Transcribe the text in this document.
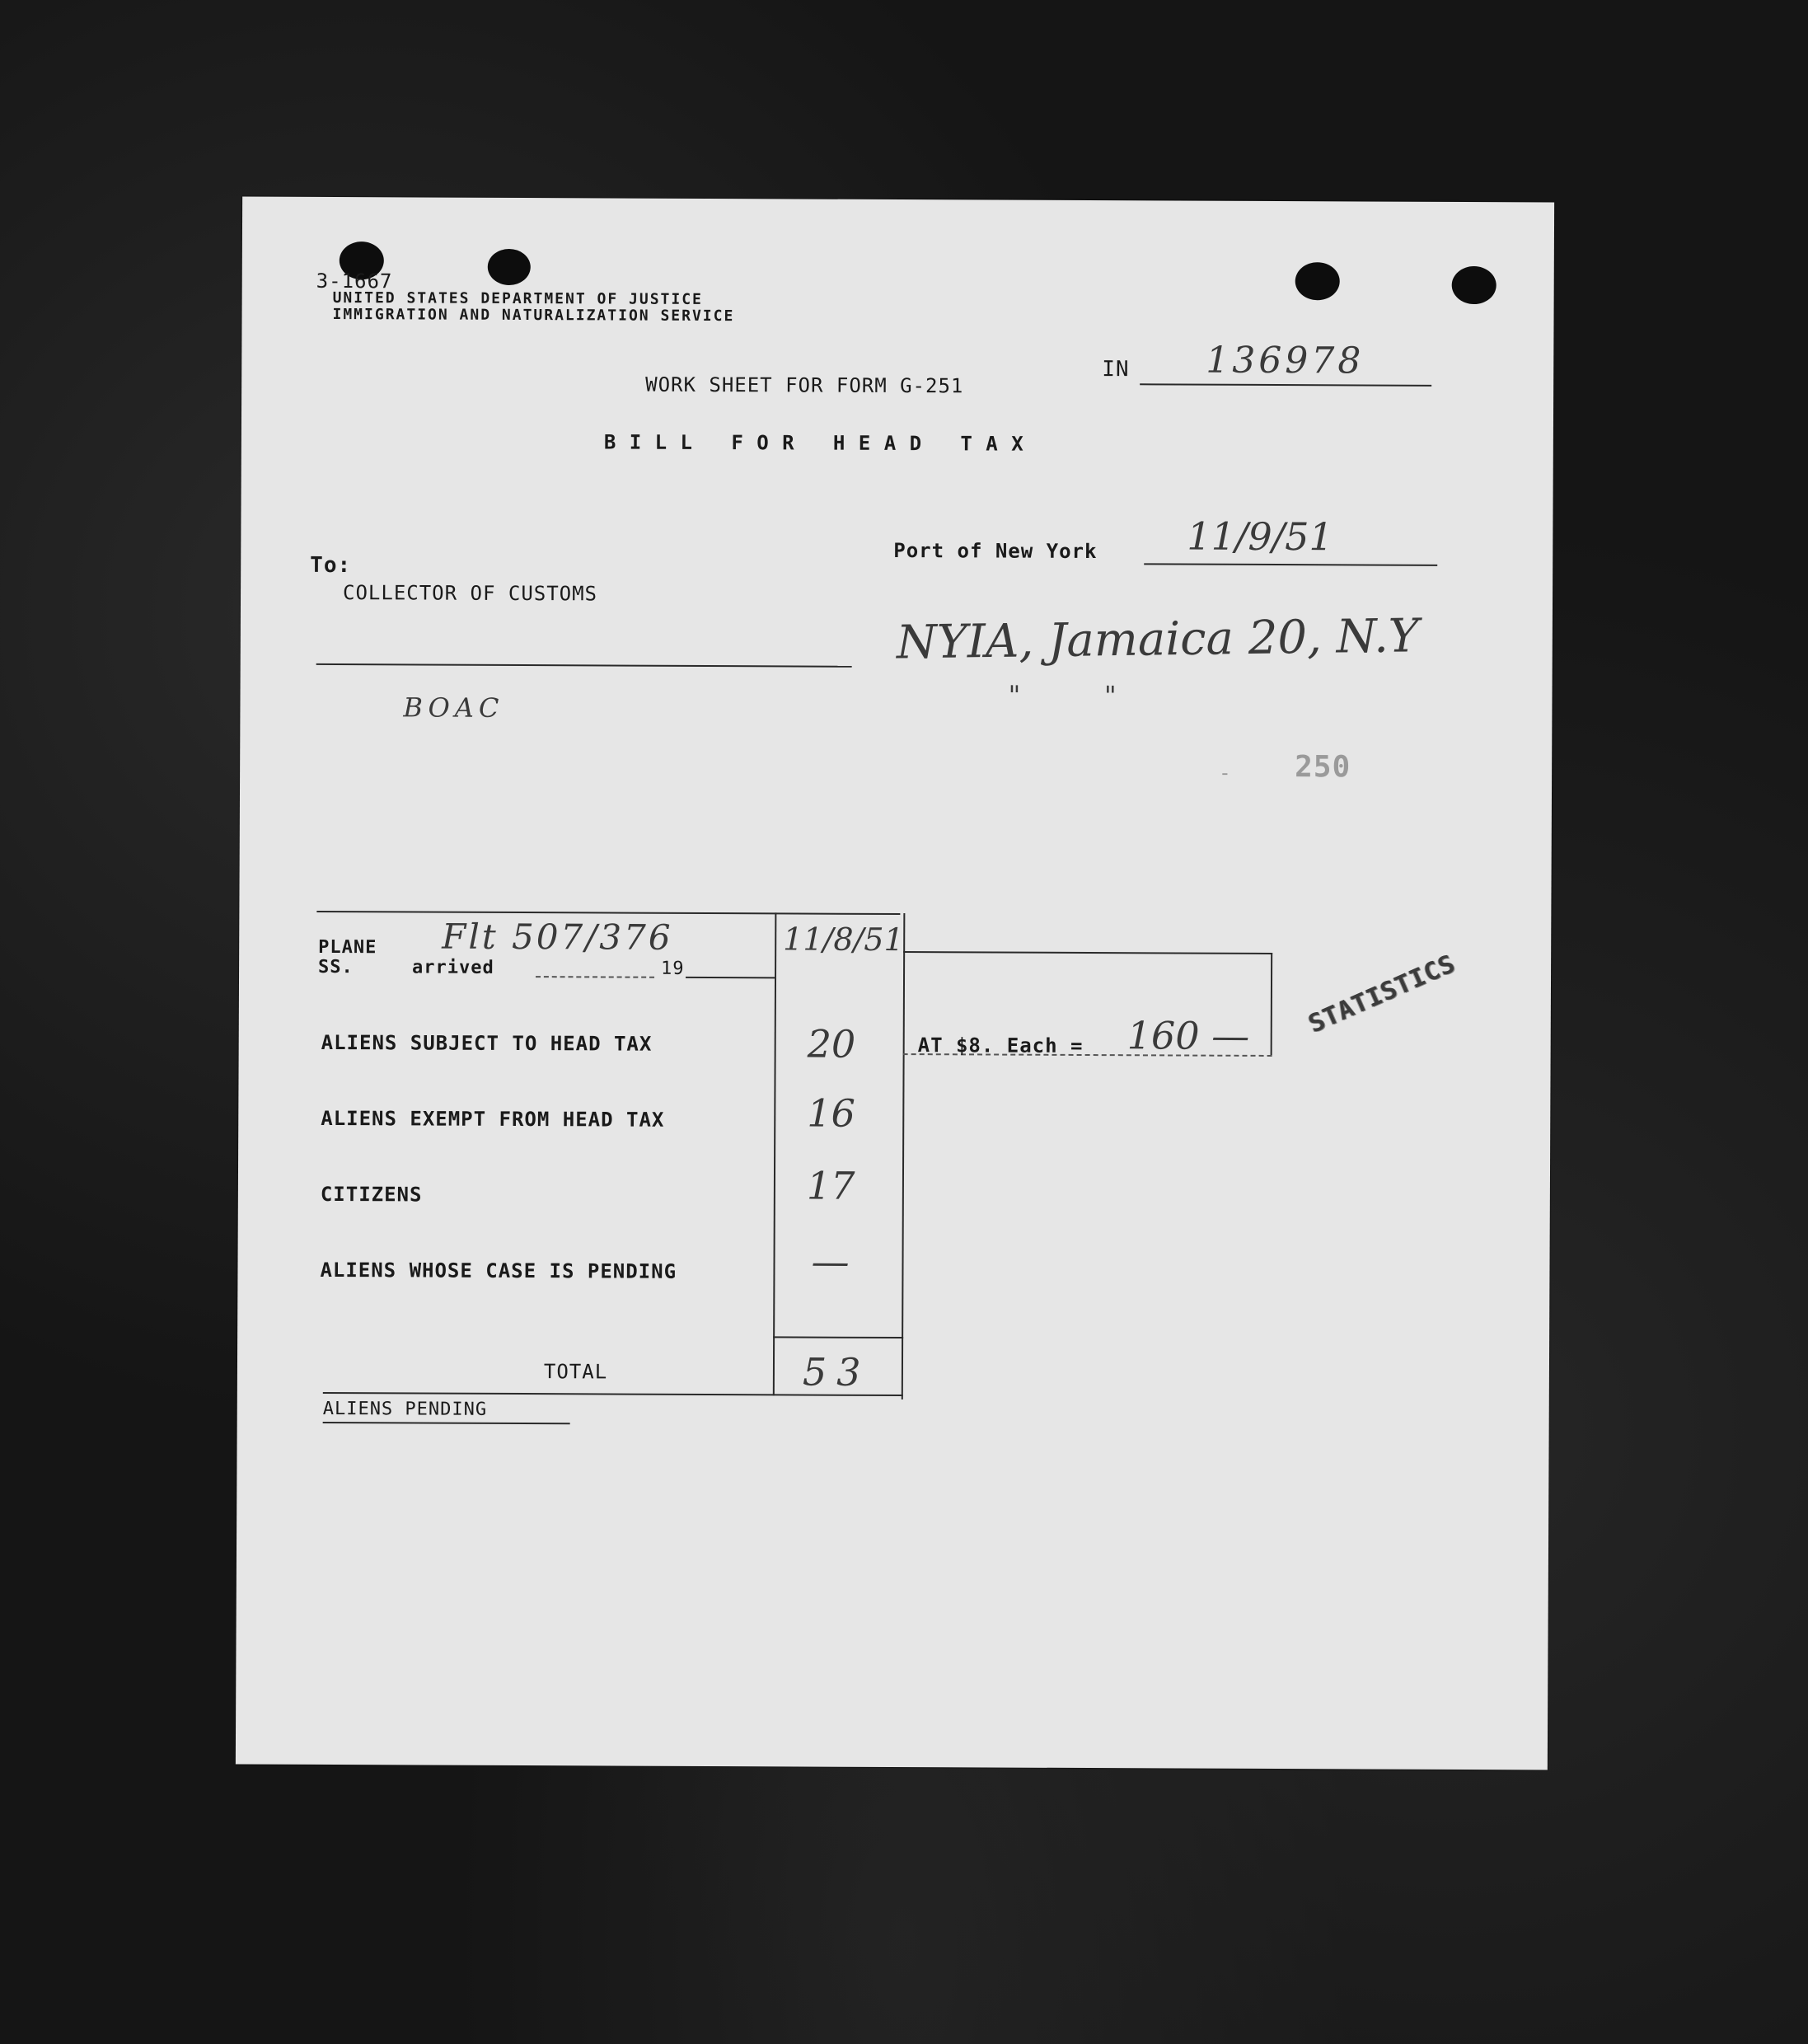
3-1667
UNITED STATES DEPARTMENT OF JUSTICE
IMMIGRATION AND NATURALIZATION SERVICE
IN 136978
WORK SHEET FOR FORM G-251
B I L L   F O R   H E A D   T A X
Port of New York 11/9/51
To:
COLLECTOR OF CUSTOMS
BOAC
NYIA, Jamaica 20, N.Y
"          "
- 250
PLANE
SS.	arrived	19
Flt 507/376	11/8/51
ALIENS SUBJECT TO HEAD TAX	20	AT $8. Each = 160 —
ALIENS EXEMPT FROM HEAD TAX	16
CITIZENS	17
ALIENS WHOSE CASE IS PENDING	—
TOTAL	53
ALIENS PENDING
STATISTICS
